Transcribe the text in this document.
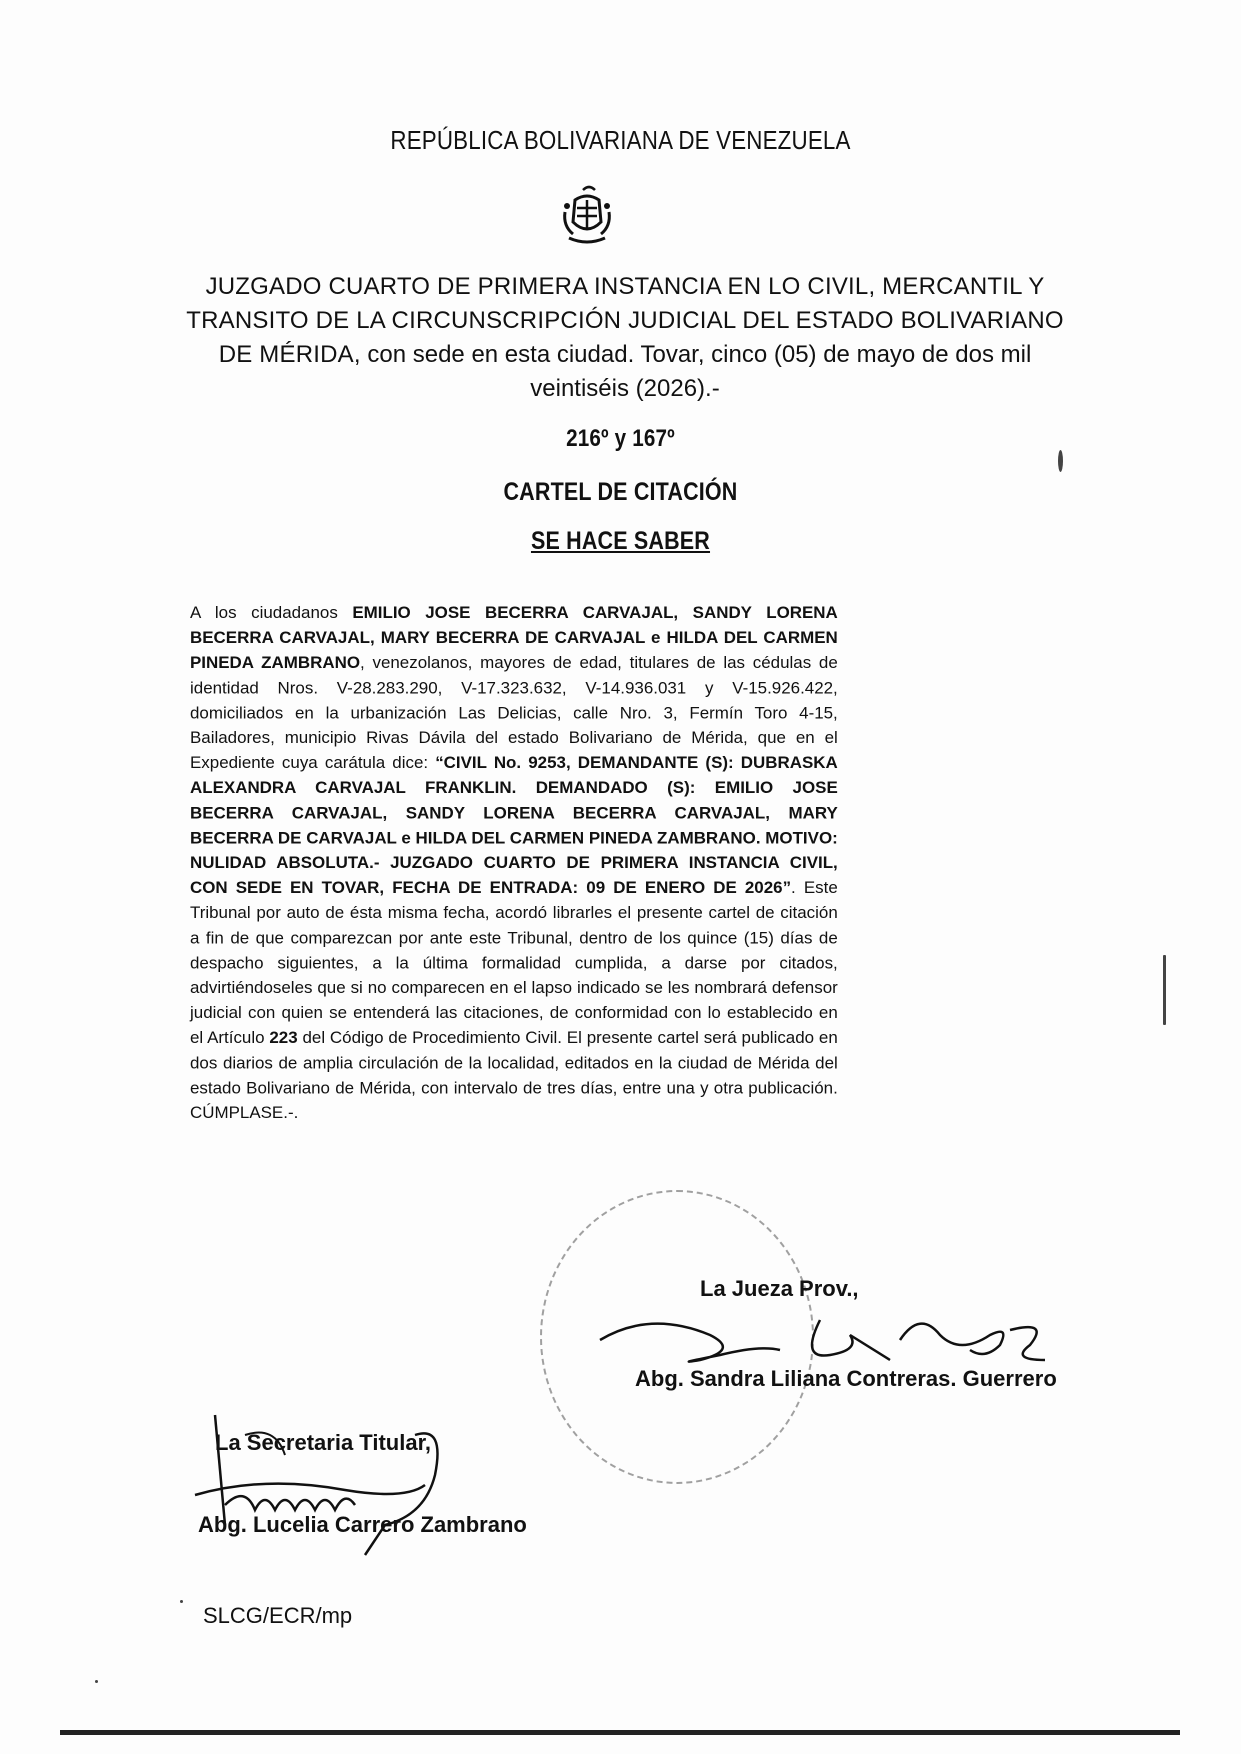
REPÚBLICA BOLIVARIANA DE VENEZUELA
JUZGADO CUARTO DE PRIMERA INSTANCIA EN LO CIVIL, MERCANTIL Y TRANSITO DE LA CIRCUNSCRIPCIÓN JUDICIAL DEL ESTADO BOLIVARIANO DE MÉRIDA, con sede en esta ciudad. Tovar, cinco (05) de mayo de dos mil veintiséis (2026).-
216º y 167º
CARTEL DE CITACIÓN
SE HACE SABER
A los ciudadanos EMILIO JOSE BECERRA CARVAJAL, SANDY LORENA BECERRA CARVAJAL, MARY BECERRA DE CARVAJAL e HILDA DEL CARMEN PINEDA ZAMBRANO, venezolanos, mayores de edad, titulares de las cédulas de identidad Nros. V-28.283.290, V-17.323.632, V-14.936.031 y V-15.926.422, domiciliados en la urbanización Las Delicias, calle Nro. 3, Fermín Toro 4-15, Bailadores, municipio Rivas Dávila del estado Bolivariano de Mérida, que en el Expediente cuya carátula dice: “CIVIL No. 9253, DEMANDANTE (S): DUBRASKA ALEXANDRA CARVAJAL FRANKLIN. DEMANDADO (S): EMILIO JOSE BECERRA CARVAJAL, SANDY LORENA BECERRA CARVAJAL, MARY BECERRA DE CARVAJAL e HILDA DEL CARMEN PINEDA ZAMBRANO. MOTIVO: NULIDAD ABSOLUTA.- JUZGADO CUARTO DE PRIMERA INSTANCIA CIVIL, CON SEDE EN TOVAR, FECHA DE ENTRADA: 09 DE ENERO DE 2026”. Este Tribunal por auto de ésta misma fecha, acordó librarles el presente cartel de citación a fin de que comparezcan por ante este Tribunal, dentro de los quince (15) días de despacho siguientes, a la última formalidad cumplida, a darse por citados, advirtiéndoseles que si no comparecen en el lapso indicado se les nombrará defensor judicial con quien se entenderá las citaciones, de conformidad con lo establecido en el Artículo 223 del Código de Procedimiento Civil. El presente cartel será publicado en dos diarios de amplia circulación de la localidad, editados en la ciudad de Mérida del estado Bolivariano de Mérida, con intervalo de tres días, entre una y otra publicación. CÚMPLASE.-.
La Jueza Prov.,
Abg. Sandra Liliana Contreras. Guerrero
La Secretaria Titular,
Abg. Lucelia Carrero Zambrano
SLCG/ECR/mp
